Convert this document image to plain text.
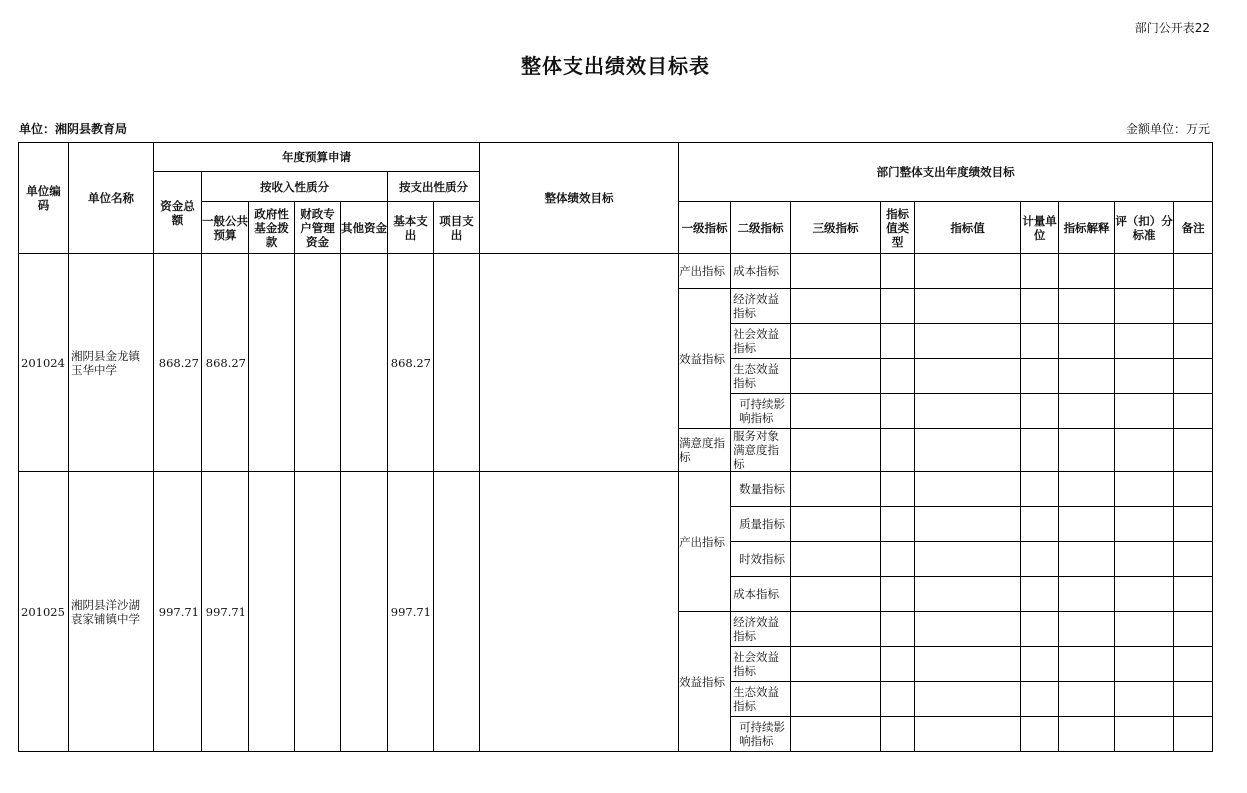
部门公开表22
整体支出绩效目标表
单位：湘阴县教育局	金额单位：万元
单位编码	单位名称	年度预算申请							整体绩效目标	部门整体支出年度绩效目标								
		资金总额	按收入性质分				按支出性质分											
			一般公共预算	政府性基金拨款	财政专户管理资金	其他资金	基本支出	项目支出		一级指标	二级指标	三级指标	指标值类型	指标值	计量单位	指标解释	评（扣）分标准	备注
201024	湘阴县金龙镇玉华中学	868.27	868.27				868.27			产出指标	成本指标							
										效益指标	经济效益指标							
											社会效益指标							
											生态效益指标							
											可持续影响指标							
										满意度指标	服务对象满意度指标							
201025	湘阴县洋沙湖袁家铺镇中学	997.71	997.71				997.71			产出指标	数量指标							
											质量指标							
											时效指标							
											成本指标							
										效益指标	经济效益指标							
											社会效益指标							
											生态效益指标							
											可持续影响指标							
